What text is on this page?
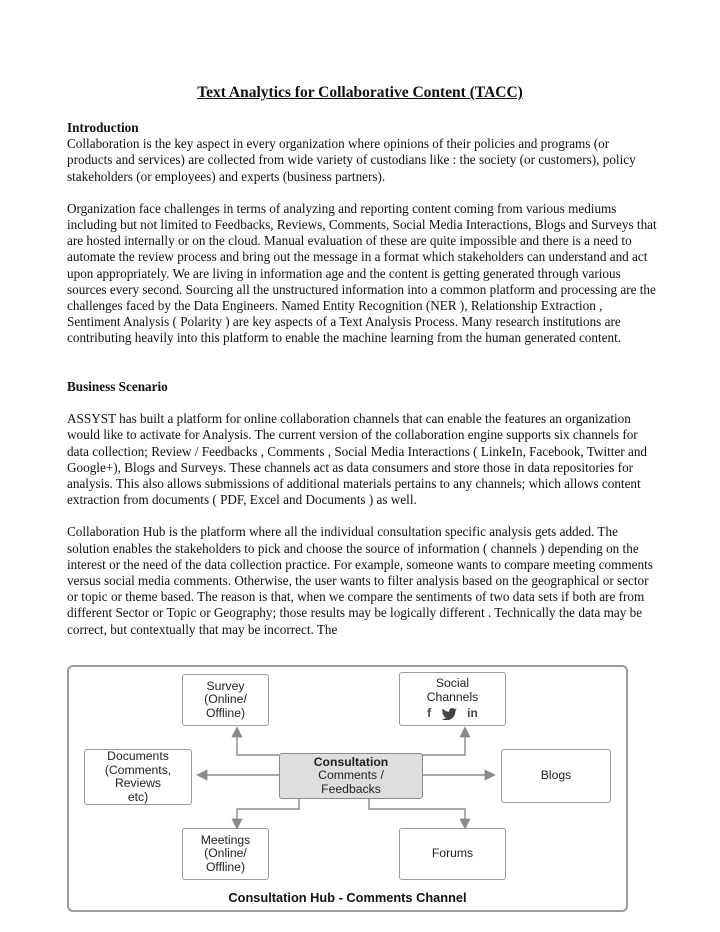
Text Analytics for Collaborative Content (TACC)

Introduction

Collaboration is the key aspect in every organization where opinions of their policies and programs (or products and services) are collected from wide variety of custodians like : the society (or customers), policy stakeholders (or employees) and experts (business partners).

Organization face challenges in terms of analyzing and reporting content coming from various mediums including but not limited to Feedbacks, Reviews, Comments, Social Media Interactions, Blogs and Surveys that are hosted internally or on the cloud. Manual evaluation of these are quite impossible and there is a need to automate the review process and bring out the message in a format which stakeholders can understand and act upon appropriately. We are living in information age and the content is getting generated through various sources every second. Sourcing all the unstructured information into a common platform and processing are the challenges faced by the Data Engineers. Named Entity Recognition (NER ), Relationship Extraction , Sentiment Analysis ( Polarity ) are key aspects of a Text Analysis Process. Many research institutions are contributing heavily into this platform to enable the machine learning from the human generated content.

Business Scenario

ASSYST has built a platform for online collaboration channels that can enable the features an organization would like to activate for Analysis. The current version of the collaboration engine supports six channels for data collection; Review / Feedbacks , Comments , Social Media Interactions ( LinkeIn, Facebook, Twitter and Google+), Blogs and Surveys. These channels act as data consumers and store those in data repositories for analysis. This also allows submissions of additional materials pertains to any channels; which allows content extraction from documents ( PDF, Excel and Documents ) as well.

Collaboration Hub is the platform where all the individual consultation specific analysis gets added. The solution enables the stakeholders to pick and choose the source of information ( channels ) depending on the interest or the need of the data collection practice. For example, someone wants to compare meeting comments versus social media comments. Otherwise, the user wants to filter analysis based on the geographical or sector or topic or theme based. The reason is that, when we compare the sentiments of two data sets if both are from different Sector or Topic or Geography; those results may be logically different . Technically the data may be correct, but contextually that may be incorrect. The

Survey
(Online/
Offline)
Social
Channels
f	in
Documents
(Comments,
Reviews
etc)
Consultation
Comments /
Feedbacks
Blogs
Meetings
(Online/
Offline)
Forums
Consultation Hub - Comments Channel
